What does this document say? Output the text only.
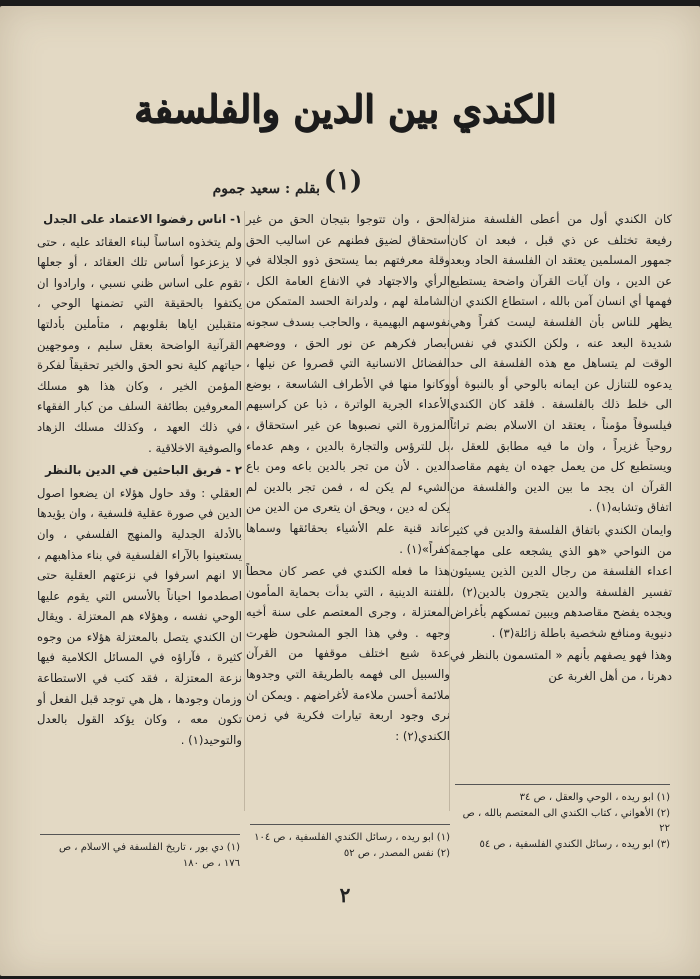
الكندي بين الدين والفلسفة
(١)
بقلم : سعيد جموم

كان الكندي أول من أعطى الفلسفة منزلة رفيعة تختلف عن ذي قبل ، فبعد ان كان جمهور المسلمين يعتقد ان الفلسفة الحاد وبعد عن الدين ، وان آيات القرآن واضحة يستطيع فهمها أي انسان آمن بالله ، استطاع الكندي ان يظهر للناس بأن الفلسفة ليست كفراً وهي شديدة البعد عنه ، ولكن الكندي في نفس الوقت لم يتساهل مع هذه الفلسفة الى حد يدعوه للتنازل عن ايمانه بالوحي أو بالنبوة أو الى خلط ذلك بالفلسفة . فلقد كان الكندي فيلسوفاً مؤمناً ، يعتقد ان الاسلام بضم تراثاً روحياً غزيراً ، وان ما فيه مطابق للعقل ، ويستطيع كل من يعمل جهده ان يفهم مقاصد القرآن ان يجد ما بين الدين والفلسفة من اتفاق وتشابه(١) .

وايمان الكندي باتفاق الفلسفة والدين في كثير من النواحي «هو الذي يشجعه على مهاجمة اعداء الفلسفة من رجال الدين الذين يسيئون تفسير الفلسفة والدين يتجرون بالدين(٢) ، ويجده يفضح مقاصدهم ويبين تمسكهم بأغراض دنيوية ومنافع شخصية باطلة زائلة(٣) .

وهذا فهو يصفهم بأنهم « المتسمون بالنظر في دهرنا ، من أهل الغربة عن

الحق ، وان تتوجوا بتيجان الحق من غير استحقاق لضيق فطنهم عن اساليب الحق وقلة معرفتهم بما يستحق ذوو الجلالة في الرأي والاجتهاد في الانفاع العامة الكل ، الشاملة لهم ، ولدرانة الحسد المتمكن من نفوسهم البهيمية ، والحاجب بسدف سجونه ابصار فكرهم عن نور الحق ، ووضعهم الفضائل الانسانية التي قصروا عن نيلها ، وكانوا منها في الأطراف الشاسعة ، بوضع الأعداء الجرية الواترة ، ذبا عن كراسيهم المزورة التي نصبوها عن غير استحقاق ، بل للترؤس والتجارة بالدين ، وهم عدماء الدين . لأن من تجر بالدين باعه ومن باع الشيء لم يكن له ، فمن تجر بالدين لم يكن له دين ، ويحق ان يتعرى من الدين من عاند قنية علم الأشياء بحقائقها وسماها كفراً»(١) .

هذا ما فعله الكندي في عصر كان محطاً للفتنة الدينية ، التي بدأت بحماية المأمون المعتزلة ، وجرى المعتصم على سنة أخيه وجهه . وفي هذا الجو المشحون ظهرت عدة شيع اختلف موقفها من القرآن والسبيل الى فهمه بالطريقة التي وجدوها ملائمة أحسن ملاءمة لأغراضهم . ويمكن ان نرى وجود اربعة تيارات فكرية في زمن الكندي(٢) :

١- اناس رفضوا الاعتماد على الجدل

ولم يتخذوه اساساً لبناء العقائد عليه ، حتى لا يزعزعوا أساس تلك العقائد ، أو جعلها تقوم على اساس ظني نسبي ، وارادوا ان يكتفوا بالحقيقة التي تضمنها الوحي ، متقبلين اياها بقلوبهم ، متأملين بأدلتها القرآنية الواضحة بعقل سليم ، وموجهين حياتهم كلية نحو الحق والخير تحقيقاً لفكرة المؤمن الخير ، وكان هذا هو مسلك المعروفين بطائفة السلف من كبار الفقهاء في ذلك العهد ، وكذلك مسلك الزهاد والصوفية الاخلاقية .

٢ - فريق الباحثين في الدين بالنظر

العقلي : وقد حاول هؤلاء ان يضعوا اصول الدين في صورة عقلية فلسفية ، وان يؤيدها بالأدلة الجدلية والمنهج الفلسفي ، وان يستعينوا بالآراء الفلسفية في بناء مذاهبهم ، الا انهم اسرفوا في نزعتهم العقلية حتى اصطدموا احياناً بالأسس التي يقوم عليها الوحي نفسه ، وهؤلاء هم المعتزلة . ويقال ان الكندي يتصل بالمعتزلة هؤلاء من وجوه كثيرة ، فآراؤه في المسائل الكلامية فيها نزعة المعتزلة ، فقد كتب في الاستطاعة وزمان وجودها ، هل هي توجد قبل الفعل أو تكون معه ، وكان يؤكد القول بالعدل والتوحيد(١) .

(١) ابو ريده ، الوحي والعقل ، ص ٣٤
(٢) الأهواني ، كتاب الكندي الى المعتصم بالله ، ص ٢٢
(٣) ابو ريده ، رسائل الكندي الفلسفية ، ص ٥٤
(١) ابو ريده ، رسائل الكندي الفلسفية ، ص ١٠٤
(٢) نفس المصدر ، ص ٥٢
(١) دي بور ، تاريخ الفلسفة في الاسلام ، ص ١٧٦ ، ص ١٨٠
٢
